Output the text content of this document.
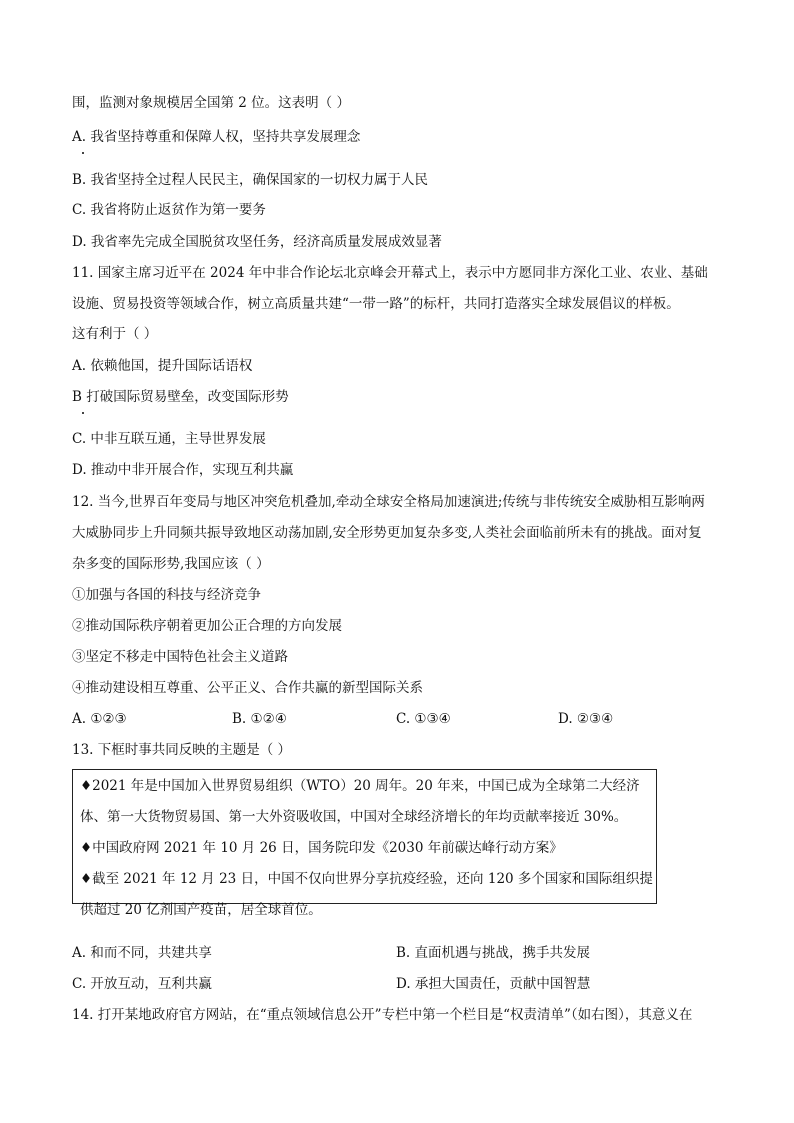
围，监测对象规模居全国第 2 位。这表明（ ）
A. 我省坚持尊重和保障人权，坚持共享发展理念
B. 我省坚持全过程人民民主，确保国家的一切权力属于人民
C. 我省将防止返贫作为第一要务
D. 我省率先完成全国脱贫攻坚任务，经济高质量发展成效显著
11. 国家主席习近平在 2024 年中非合作论坛北京峰会开幕式上，表示中方愿同非方深化工业、农业、基础
设施、贸易投资等领域合作，树立高质量共建“一带一路”的标杆，共同打造落实全球发展倡议的样板。
这有利于（ ）
A. 依赖他国，提升国际话语权
B 打破国际贸易壁垒，改变国际形势
C. 中非互联互通，主导世界发展
D. 推动中非开展合作，实现互利共赢
12. 当今,世界百年变局与地区冲突危机叠加,牵动全球安全格局加速演进;传统与非传统安全威胁相互影响两
大威胁同步上升同频共振导致地区动荡加剧,安全形势更加复杂多变,人类社会面临前所未有的挑战。面对复
杂多变的国际形势,我国应该（ ）
①加强与各国的科技与经济竞争
②推动国际秩序朝着更加公正合理的方向发展
③坚定不移走中国特色社会主义道路
④推动建设相互尊重、公平正义、合作共赢的新型国际关系
A. ①②③	B. ①②④	C. ①③④	D. ②③④
13. 下框时事共同反映的主题是（ ）
♦2021 年是中国加入世界贸易组织（WTO）20 周年。20 年来，中国已成为全球第二大经济
体、第一大货物贸易国、第一大外资吸收国，中国对全球经济增长的年均贡献率接近 30%。
♦中国政府网 2021 年 10 月 26 日，国务院印发《2030 年前碳达峰行动方案》
♦截至 2021 年 12 月 23 日，中国不仅向世界分享抗疫经验，还向 120 多个国家和国际组织提
供超过 20 亿剂国产疫苗，居全球首位。
A. 和而不同，共建共享	B. 直面机遇与挑战，携手共发展
C. 开放互动，互利共赢	D. 承担大国责任，贡献中国智慧
14. 打开某地政府官方网站，在“重点领域信息公开”专栏中第一个栏目是“权责清单”（如右图），其意义在
